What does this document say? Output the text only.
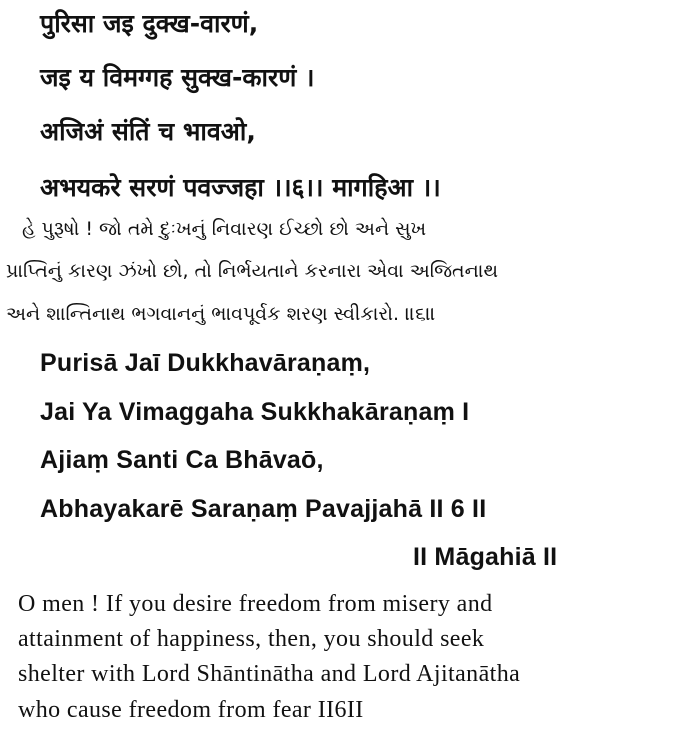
पुरिसा जइ दुक्ख-वारणं,
जइ य विमग्गह सुक्ख-कारणं ।
अजिअं संतिं च भावओ,
अभयकरे सरणं पवज्जहा ।।६।। मागहिआ ।।
હે પુરૂષો ! જો તમે દુઃખનું નિવારણ ઈચ્છો છો અને સુખ
પ્રાપ્તિનું કારણ ઝંખો છો, તો નિર્ભયતાને કરનારા એવા અજિતનાથ
અને શાન્તિનાથ ભગવાનનું ભાવપૂર્વક શરણ સ્વીકારો. ॥૬॥
Purisā Jaī Dukkhavāraṇaṃ,
Jai Ya Vimaggaha Sukkhakāraṇaṃ I
Ajiaṃ Santi Ca Bhāvaō,
Abhayakarē Saraṇaṃ Pavajjahā II 6 II
II Māgahiā II
O men ! If you desire freedom from misery and
attainment of happiness, then, you should seek
shelter with Lord Shāntinātha and Lord Ajitanātha
who cause freedom from fear II6II
